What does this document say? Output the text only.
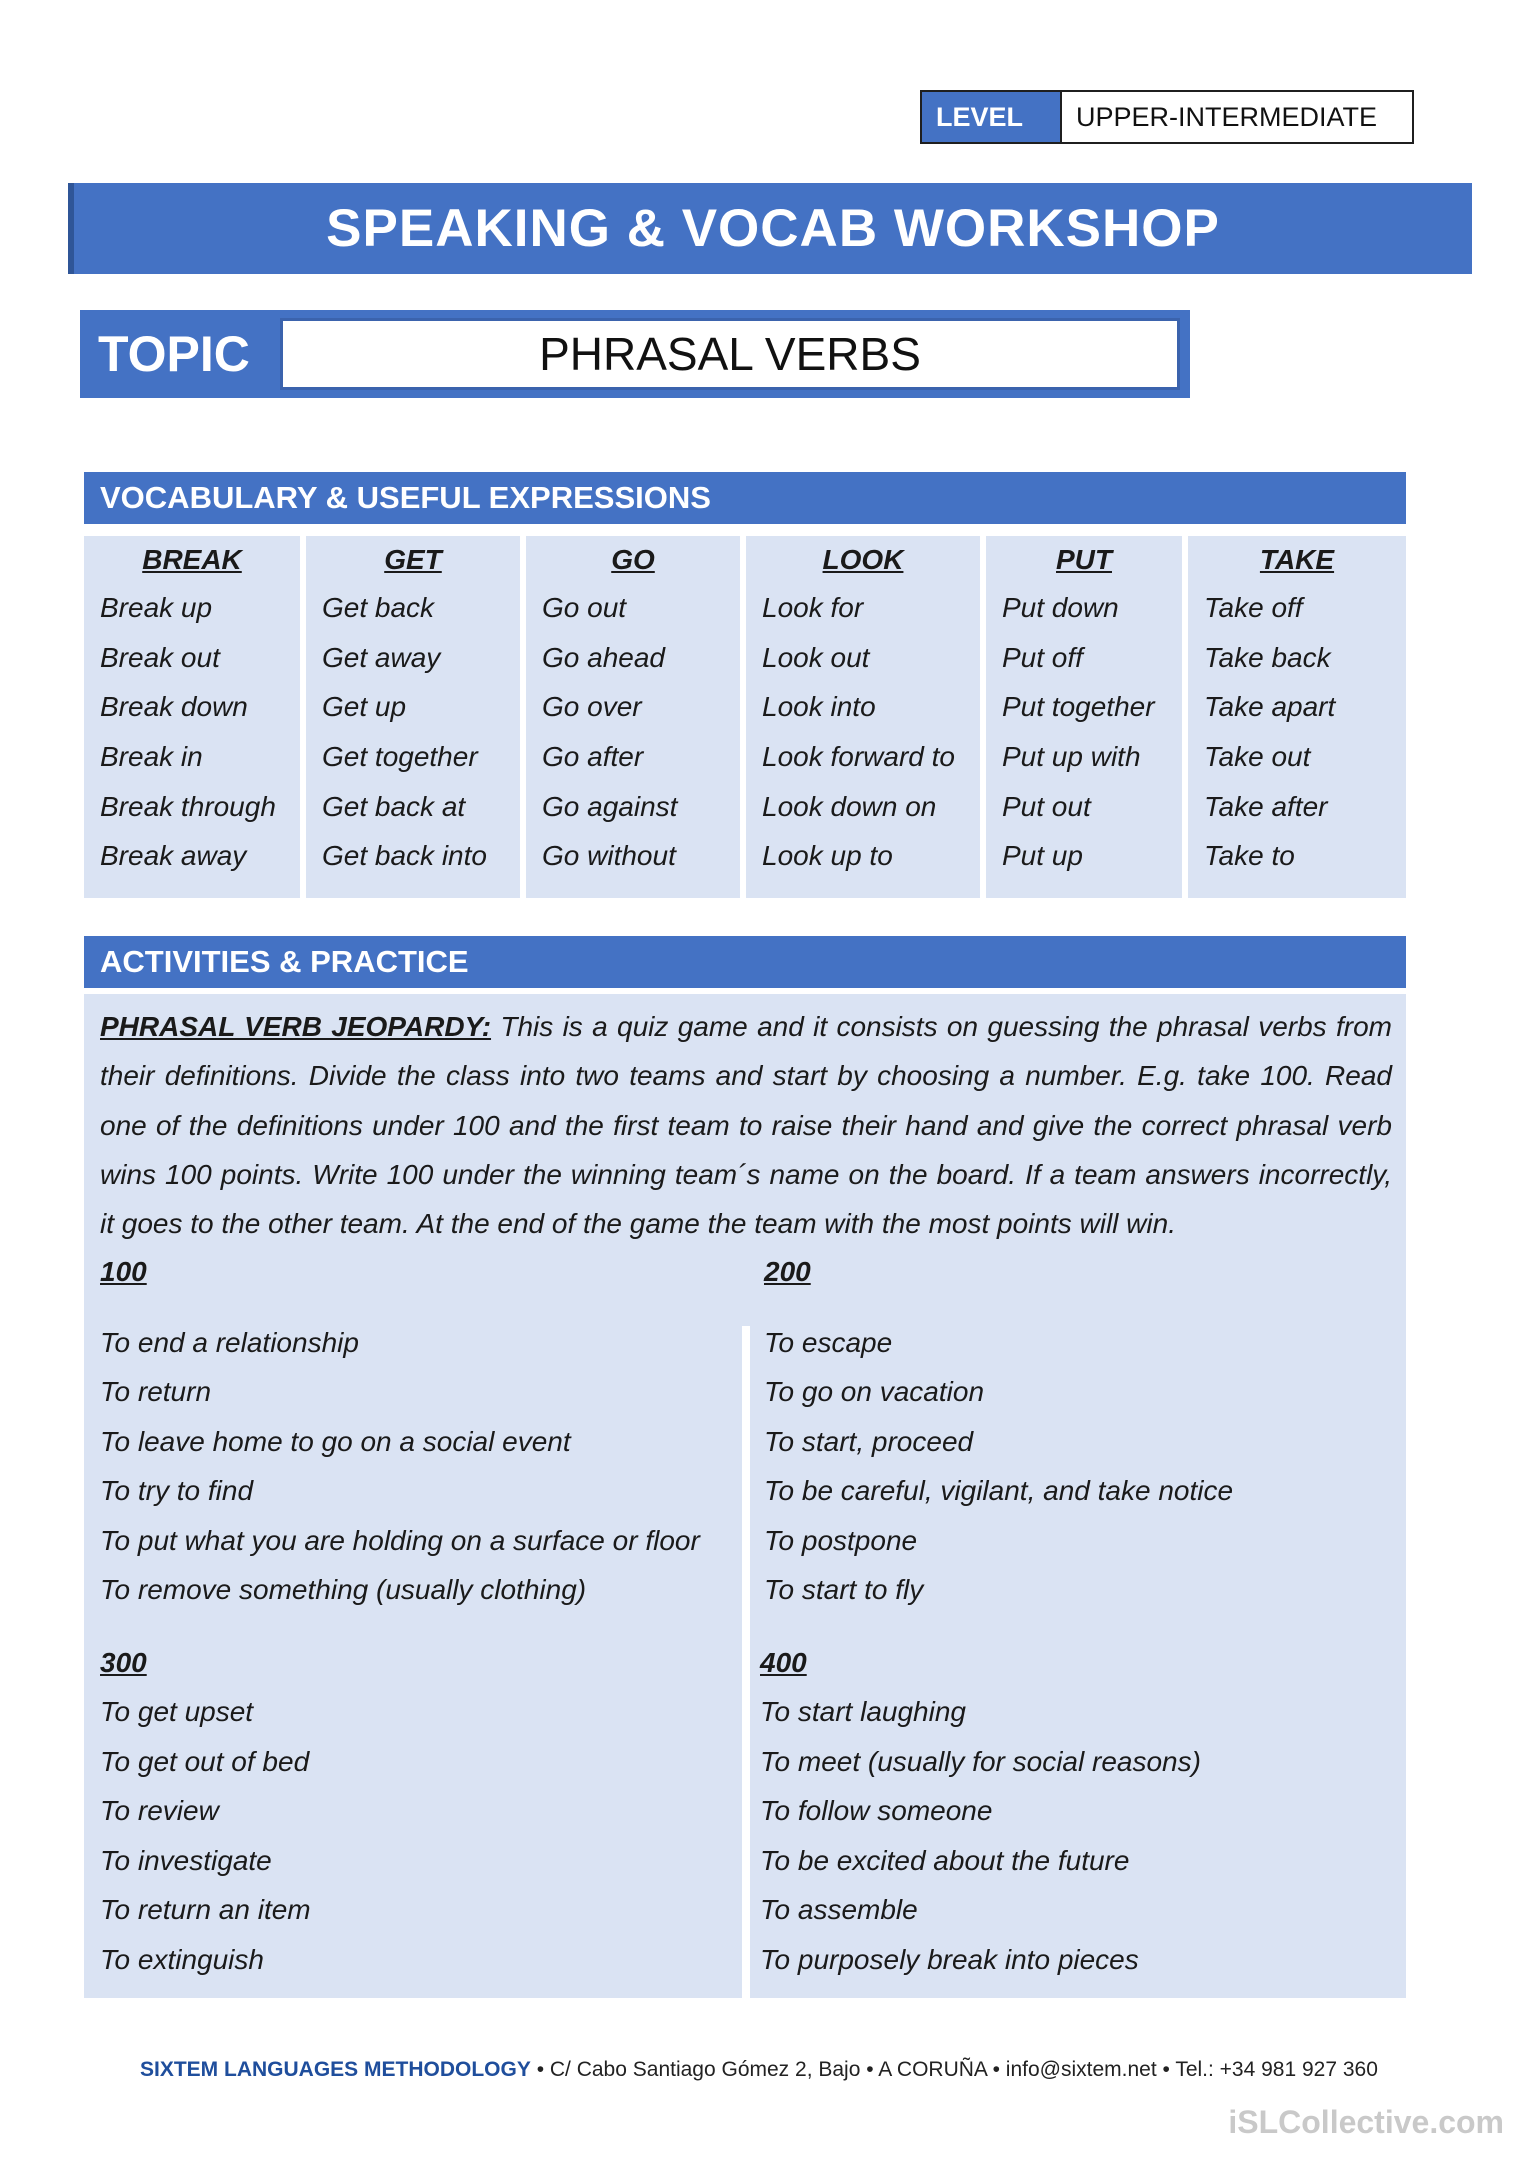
LEVEL	UPPER-INTERMEDIATE
SPEAKING & VOCAB WORKSHOP
TOPIC	PHRASAL VERBS
VOCABULARY & USEFUL EXPRESSIONS
BREAK
Break up
Break out
Break down
Break in
Break through
Break away
GET
Get back
Get away
Get up
Get together
Get back at
Get back into
GO
Go out
Go ahead
Go over
Go after
Go against
Go without
LOOK
Look for
Look out
Look into
Look forward to
Look down on
Look up to
PUT
Put down
Put off
Put together
Put up with
Put out
Put up
TAKE
Take off
Take back
Take apart
Take out
Take after
Take to
ACTIVITIES & PRACTICE
PHRASAL VERB JEOPARDY: This is a quiz game and it consists on guessing the phrasal verbs from their definitions. Divide the class into two teams and start by choosing a number. E.g. take 100. Read one of the definitions under 100 and the first team to raise their hand and give the correct phrasal verb wins 100 points. Write 100 under the winning team´s name on the board. If a team answers incorrectly, it goes to the other team. At the end of the game the team with the most points will win.
100
To end a relationship
To return
To leave home to go on a social event
To try to find
To put what you are holding on a surface or floor
To remove something (usually clothing)
200
To escape
To go on vacation
To start, proceed
To be careful, vigilant, and take notice
To postpone
To start to fly
300
To get upset
To get out of bed
To review
To investigate
To return an item
To extinguish
400
To start laughing
To meet (usually for social reasons)
To follow someone
To be excited about the future
To assemble
To purposely break into pieces
SIXTEM LANGUAGES METHODOLOGY • C/ Cabo Santiago Gómez 2, Bajo • A CORUÑA • info@sixtem.net • Tel.: +34 981 927 360
iSLCollective.com
